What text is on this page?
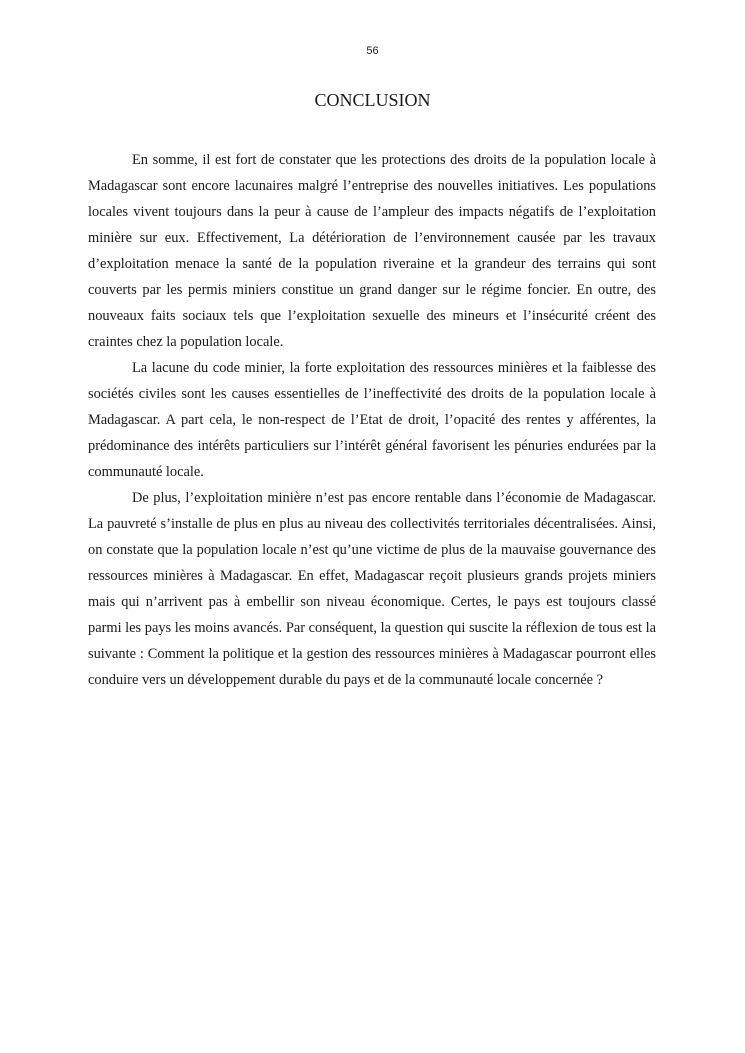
56
CONCLUSION

En somme, il est fort de constater que les protections des droits de la population locale à Madagascar sont encore lacunaires malgré l’entreprise des nouvelles initiatives. Les populations locales vivent toujours dans la peur à cause de l’ampleur des impacts négatifs de l’exploitation minière sur eux. Effectivement, La détérioration de l’environnement causée par les travaux d’exploitation menace la santé de la population riveraine et la grandeur des terrains qui sont couverts par les permis miniers constitue un grand danger sur le régime foncier. En outre, des nouveaux faits sociaux tels que l’exploitation sexuelle des mineurs et l’insécurité créent des craintes chez la population locale.

La lacune du code minier, la forte exploitation des ressources minières et la faiblesse des sociétés civiles sont les causes essentielles de l’ineffectivité des droits de la population locale à Madagascar. A part cela, le non-respect de l’Etat de droit, l’opacité des rentes y afférentes, la prédominance des intérêts particuliers sur l’intérêt général favorisent les pénuries endurées par la communauté locale.

De plus, l’exploitation minière n’est pas encore rentable dans l’économie de Madagascar. La pauvreté s’installe de plus en plus au niveau des collectivités territoriales décentralisées. Ainsi, on constate que la population locale n’est qu’une victime de plus de la mauvaise gouvernance des ressources minières à Madagascar. En effet, Madagascar reçoit plusieurs grands projets miniers mais qui n’arrivent pas à embellir son niveau économique. Certes, le pays est toujours classé parmi les pays les moins avancés. Par conséquent, la question qui suscite la réflexion de tous est la suivante : Comment la politique et la gestion des ressources minières à Madagascar pourront elles conduire vers un développement durable du pays et de la communauté locale concernée ?
